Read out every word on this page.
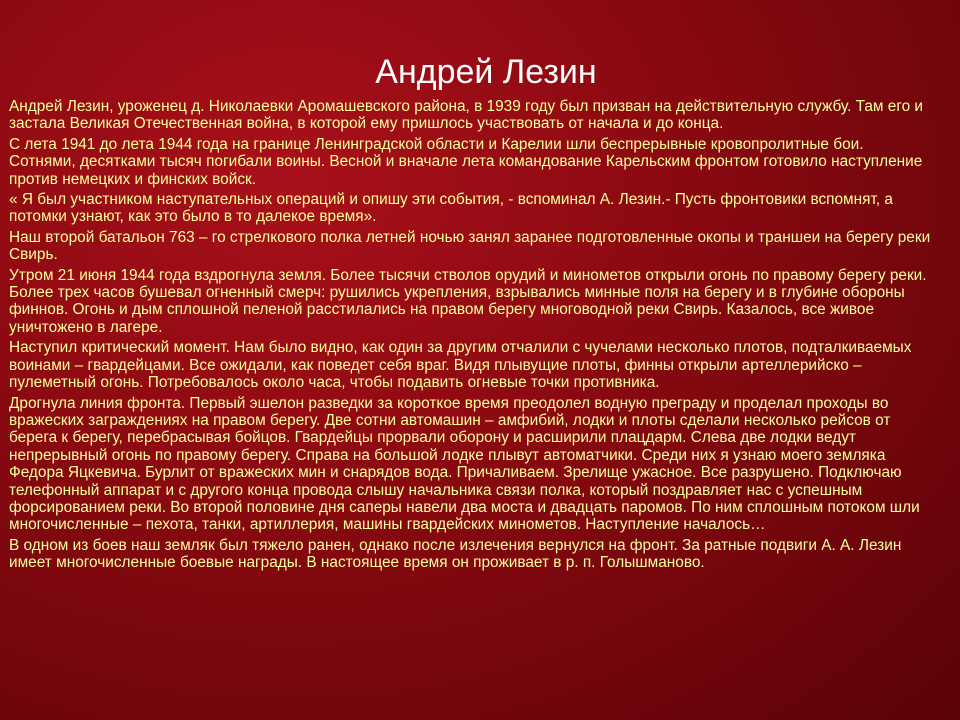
Андрей Лезин

Андрей Лезин, уроженец д. Николаевки Аромашевского района, в 1939 году был призван на действительную службу. Там его и застала Великая Отечественная война, в которой ему пришлось участвовать от начала и до конца.

С лета 1941 до лета 1944 года на границе Ленинградской области и Карелии шли беспрерывные кровопролитные бои. Сотнями, десятками тысяч погибали воины. Весной и вначале лета командование Карельским фронтом готовило наступление против немецких и финских войск.

« Я был участником наступательных операций и опишу эти события, - вспоминал А. Лезин.- Пусть фронтовики вспомнят, а потомки узнают, как это было в то далекое время».

Наш второй батальон 763 – го стрелкового полка летней ночью занял заранее подготовленные окопы и траншеи на берегу реки Свирь.

Утром 21 июня 1944 года вздрогнула земля. Более тысячи стволов орудий и минометов открыли огонь по правому берегу реки. Более трех часов бушевал огненный смерч: рушились укрепления, взрывались минные поля на берегу и в глубине обороны финнов. Огонь и дым сплошной пеленой расстилались на правом берегу многоводной реки Свирь. Казалось, все живое уничтожено в лагере.

Наступил критический момент. Нам было видно, как один за другим отчалили с чучелами несколько плотов, подталкиваемых воинами – гвардейцами. Все ожидали, как поведет себя враг. Видя плывущие плоты, финны открыли артеллерийско – пулеметный огонь. Потребовалось около часа, чтобы подавить огневые точки противника.

Дрогнула линия фронта. Первый эшелон разведки за короткое время преодолел водную преграду и проделал проходы во вражеских заграждениях на правом берегу. Две сотни автомашин – амфибий, лодки и плоты сделали несколько рейсов от берега к берегу, перебрасывая бойцов. Гвардейцы прорвали оборону и расширили плацдарм. Слева две лодки ведут непрерывный огонь по правому берегу. Справа на большой лодке плывут автоматчики. Среди них я узнаю моего земляка Федора Яцкевича. Бурлит от вражеских мин и снарядов вода. Причаливаем. Зрелище ужасное. Все разрушено. Подключаю телефонный аппарат и с другого конца провода слышу начальника связи полка, который поздравляет нас с успешным форсированием реки. Во второй половине дня саперы навели два моста и двадцать паромов. По ним сплошным потоком шли многочисленные – пехота, танки, артиллерия, машины гвардейских минометов. Наступление началось…

В одном из боев наш земляк был тяжело ранен, однако после излечения вернулся на фронт. За ратные подвиги А. А. Лезин имеет многочисленные боевые награды. В настоящее время он проживает в р. п. Голышманово.
